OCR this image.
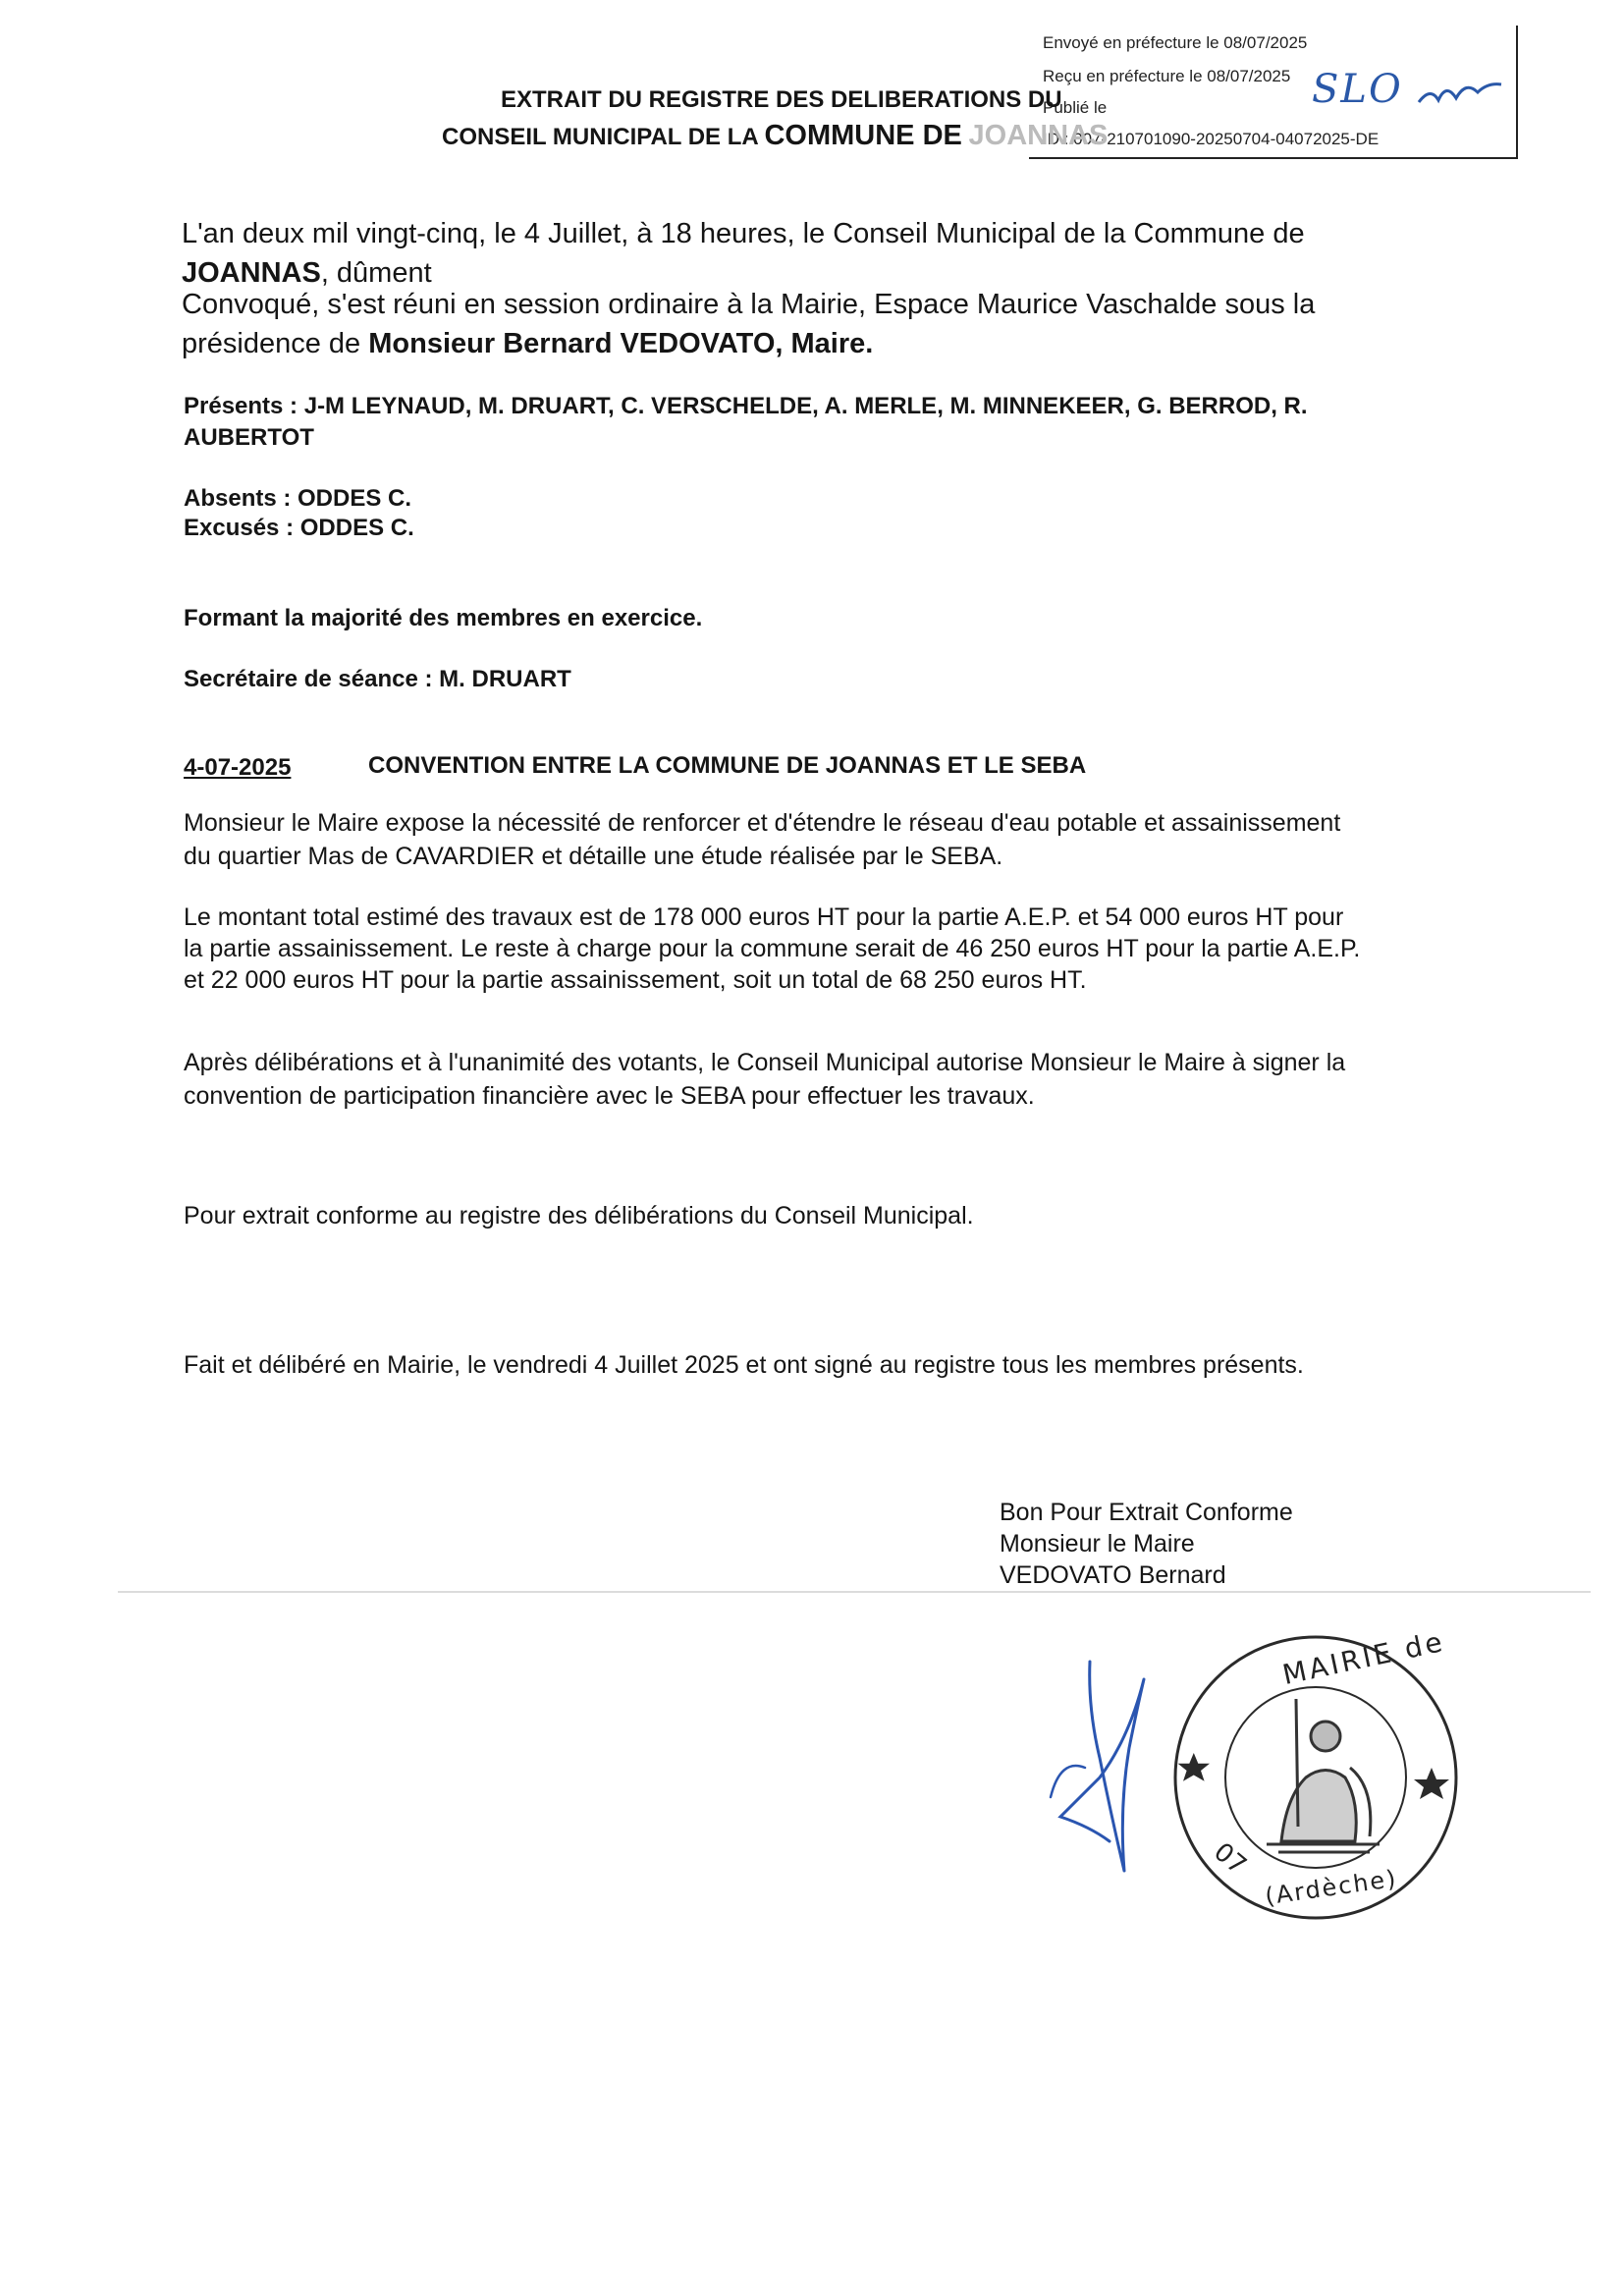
Envoyé en préfecture le 08/07/2025
Reçu en préfecture le 08/07/2025
Publié le
ID : 007-210701090-20250704-04072025-DE
SLO
EXTRAIT DU REGISTRE DES DELIBERATIONS DU
CONSEIL MUNICIPAL DE LA COMMUNE DE JOANNAS
L'an deux mil vingt-cinq, le 4 Juillet, à 18 heures, le Conseil Municipal de la Commune de
JOANNAS, dûment
Convoqué, s'est réuni en session ordinaire à la Mairie, Espace Maurice Vaschalde sous la
présidence de Monsieur Bernard VEDOVATO, Maire.
Présents : J-M LEYNAUD, M. DRUART, C. VERSCHELDE, A. MERLE, M. MINNEKEER, G. BERROD, R.
AUBERTOT
Absents : ODDES C.
Excusés : ODDES C.
Formant la majorité des membres en exercice.
Secrétaire de séance : M. DRUART
4-07-2025	CONVENTION ENTRE LA COMMUNE DE JOANNAS ET LE SEBA
Monsieur le Maire expose la nécessité de renforcer et d'étendre le réseau d'eau potable et assainissement
du quartier Mas de CAVARDIER et détaille une étude réalisée par le SEBA.
Le montant total estimé des travaux est de 178 000 euros HT pour la partie A.E.P. et 54 000 euros HT pour
la partie assainissement. Le reste à charge pour la commune serait de 46 250 euros HT pour la partie A.E.P.
et 22 000 euros HT pour la partie assainissement, soit un total de 68 250 euros HT.
Après délibérations et à l'unanimité des votants, le Conseil Municipal autorise Monsieur le Maire à signer la
convention de participation financière avec le SEBA pour effectuer les travaux.
Pour extrait conforme au registre des délibérations du Conseil Municipal.
Fait et délibéré en Mairie, le vendredi 4 Juillet 2025 et ont signé au registre tous les membres présents.
Bon Pour Extrait Conforme
Monsieur le Maire
VEDOVATO Bernard
MAIRIE de
07
(Ardèche)
